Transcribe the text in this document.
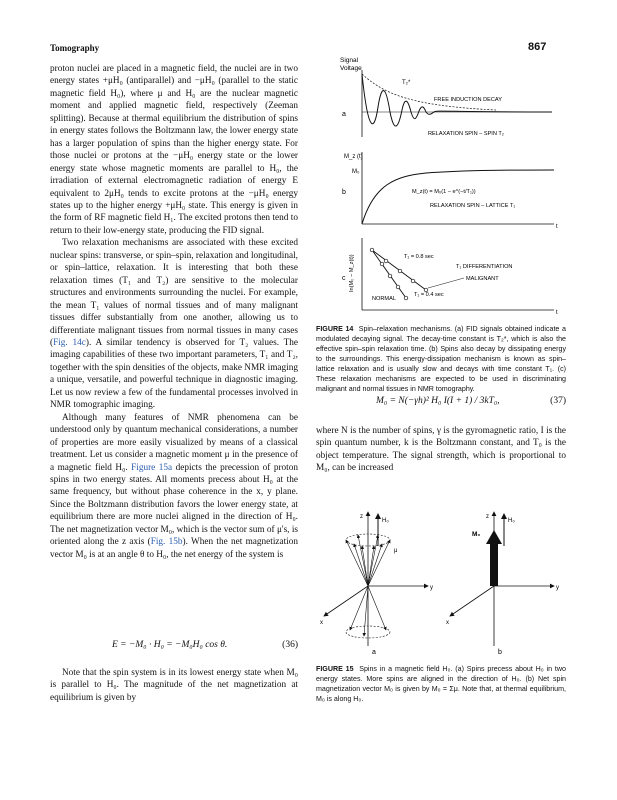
Tomography	867

proton nuclei are placed in a magnetic field, the nuclei are in two energy states +μH₀ (antiparallel) and −μH₀ (parallel to the static magnetic field H₀), where μ and H₀ are the nuclear magnetic moment and applied magnetic field, respectively (Zeeman splitting). Because at thermal equilibrium the distribution of spins in energy states follows the Boltzmann law, the lower energy state has a larger population of spins than the higher energy state. For those nuclei or protons at the −μH₀ energy state or the lower energy state whose magnetic moments are parallel to H₀, the irradiation of external electromagnetic radiation of energy E equivalent to 2μH₀ tends to excite protons at the −μH₀ energy states up to the higher energy +μH₀ state. This energy is given in the form of RF magnetic field H₁. The excited protons then tend to return to their low-energy state, producing the FID signal.

Two relaxation mechanisms are associated with these excited nuclear spins: transverse, or spin–spin, relaxation and longitudinal, or spin–lattice, relaxation. It is interesting that both these relaxation times (T₁ and T₂) are sensitive to the molecular structures and environments surrounding the nuclei. For example, the mean T₁ values of normal tissues and of many malignant tissues differ substantially from one another, allowing us to differentiate malignant tissues from normal tissues in many cases (Fig. 14c). A similar tendency is observed for T₂ values. The imaging capabilities of these two important parameters, T₁ and T₂, together with the spin densities of the objects, make NMR imaging a unique, versatile, and powerful technique in diagnostic imaging. Let us now review a few of the fundamental processes involved in NMR tomographic imaging.

Although many features of NMR phenomena can be understood only by quantum mechanical considerations, a number of properties are more easily visualized by means of a classical treatment. Let us consider a magnetic moment μ in the presence of a magnetic field H₀. Figure 15a depicts the precession of proton spins in two energy states. All moments precess about H₀ at the same frequency, but without phase coherence in the x, y plane. Since the Boltzmann distribution favors the lower energy state, at equilibrium there are more nuclei aligned in the direction of H₀. The net magnetization vector M₀, which is the vector sum of μ's, is oriented along the z axis (Fig. 15b). When the net magnetization vector M₀ is at an angle θ to H₀, the net energy of the system is

E = −M₀ · H₀ = −M₀H₀ cos θ.	(36)

Note that the spin system is in its lowest energy state when M₀ is parallel to H₀. The magnitude of the net magnetization at equilibrium is given by

Signal
Voltage
a
T₂*
FREE INDUCTION DECAY
RELAXATION SPIN – SPIN T₂
M_z (t)
b
M₀
M_z(t) = M₀(1 − e^(−t/T₁))
RELAXATION SPIN – LATTICE T₁
t
In(M₀ − M_z(t))
c
T₁ = 0.8 sec
T₁ DIFFERENTIATION
MALIGNANT
NORMAL
T₁ = 0.4 sec
t
FIGURE 14 Spin–relaxation mechanisms. (a) FID signals obtained indicate a modulated decaying signal. The decay-time constant is T₂*, which is also the effective spin–spin relaxation time. (b) Spins also decay by dissipating energy to the surroundings. This energy-dissipation mechanism is known as spin–lattice relaxation and is usually slow and decays with time constant T₁. (c) These relaxation mechanisms are expected to be used in discriminating malignant and normal tissues in NMR tomography.
M₀ = N(−γh)² H₀ I(I + 1) / 3kT₀,	(37)

where N is the number of spins, γ is the gyromagnetic ratio, I is the spin quantum number, k is the Boltzmann constant, and T₀ is the object temperature. The signal strength, which is proportional to M₀, can be increased

z
H₀
y
x
μ
a
z
H₀
M₀
y
x
b
FIGURE 15 Spins in a magnetic field H₀. (a) Spins precess about H₀ in two energy states. More spins are aligned in the direction of H₀. (b) Net spin magnetization vector M₀ is given by M₀ = Σμ. Note that, at thermal equilibrium, M₀ is along H₀.
